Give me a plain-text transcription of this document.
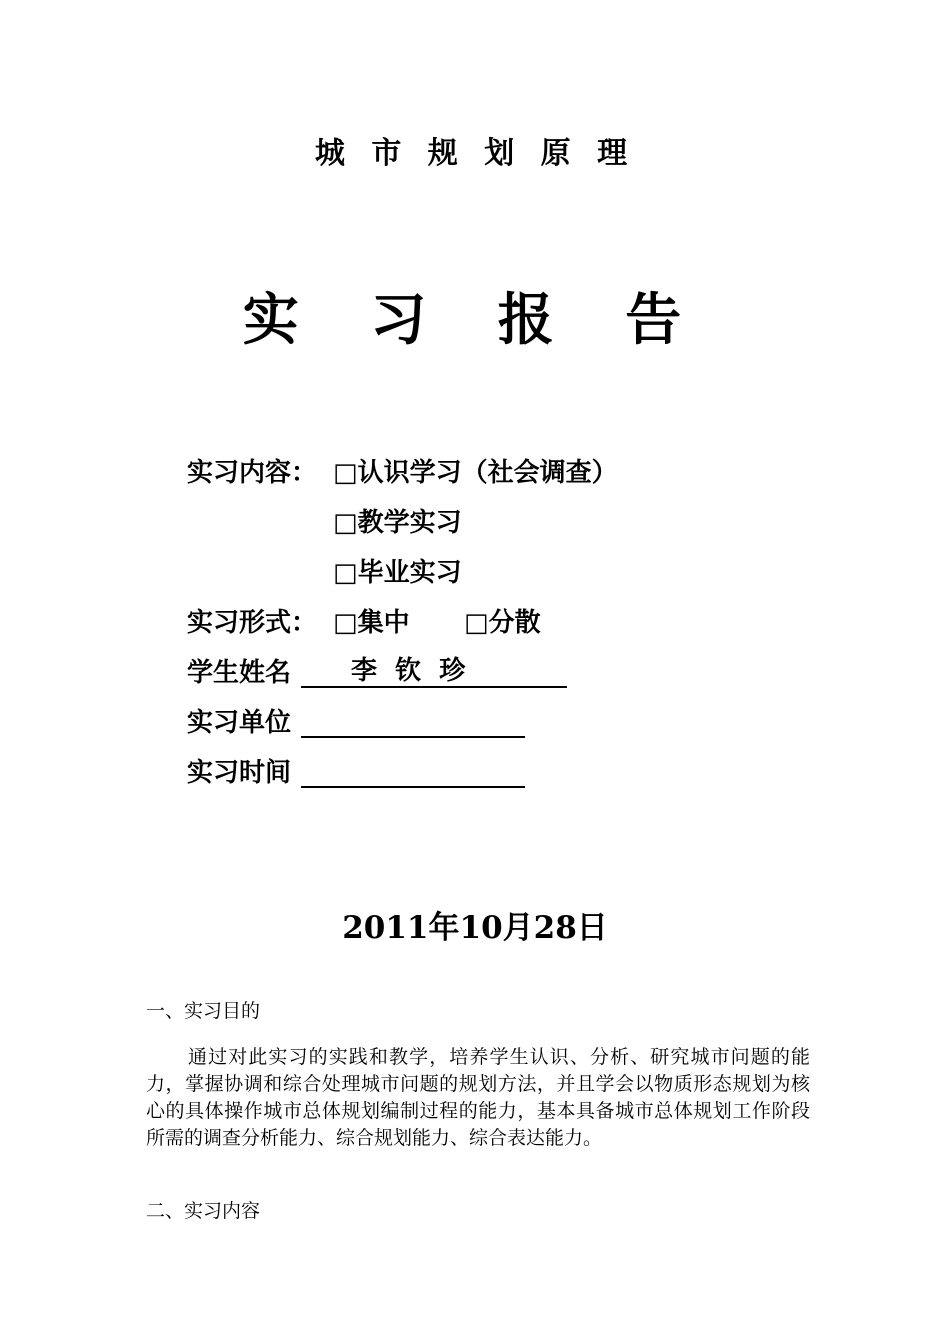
城 市 规 划 原 理
实 习 报 告
实习内容： □认识学习（社会调查）
□教学实习
□毕业实习
实习形式： □集中 □分散
学生姓名	李  钦  珍
实习单位
实习时间
2011年10月28日
一、实习目的

通过对此实习的实践和教学，培养学生认识、分析、研究城市问题的能力，掌握协调和综合处理城市问题的规划方法，并且学会以物质形态规划为核心的具体操作城市总体规划编制过程的能力，基本具备城市总体规划工作阶段所需的调查分析能力、综合规划能力、综合表达能力。

二、实习内容
